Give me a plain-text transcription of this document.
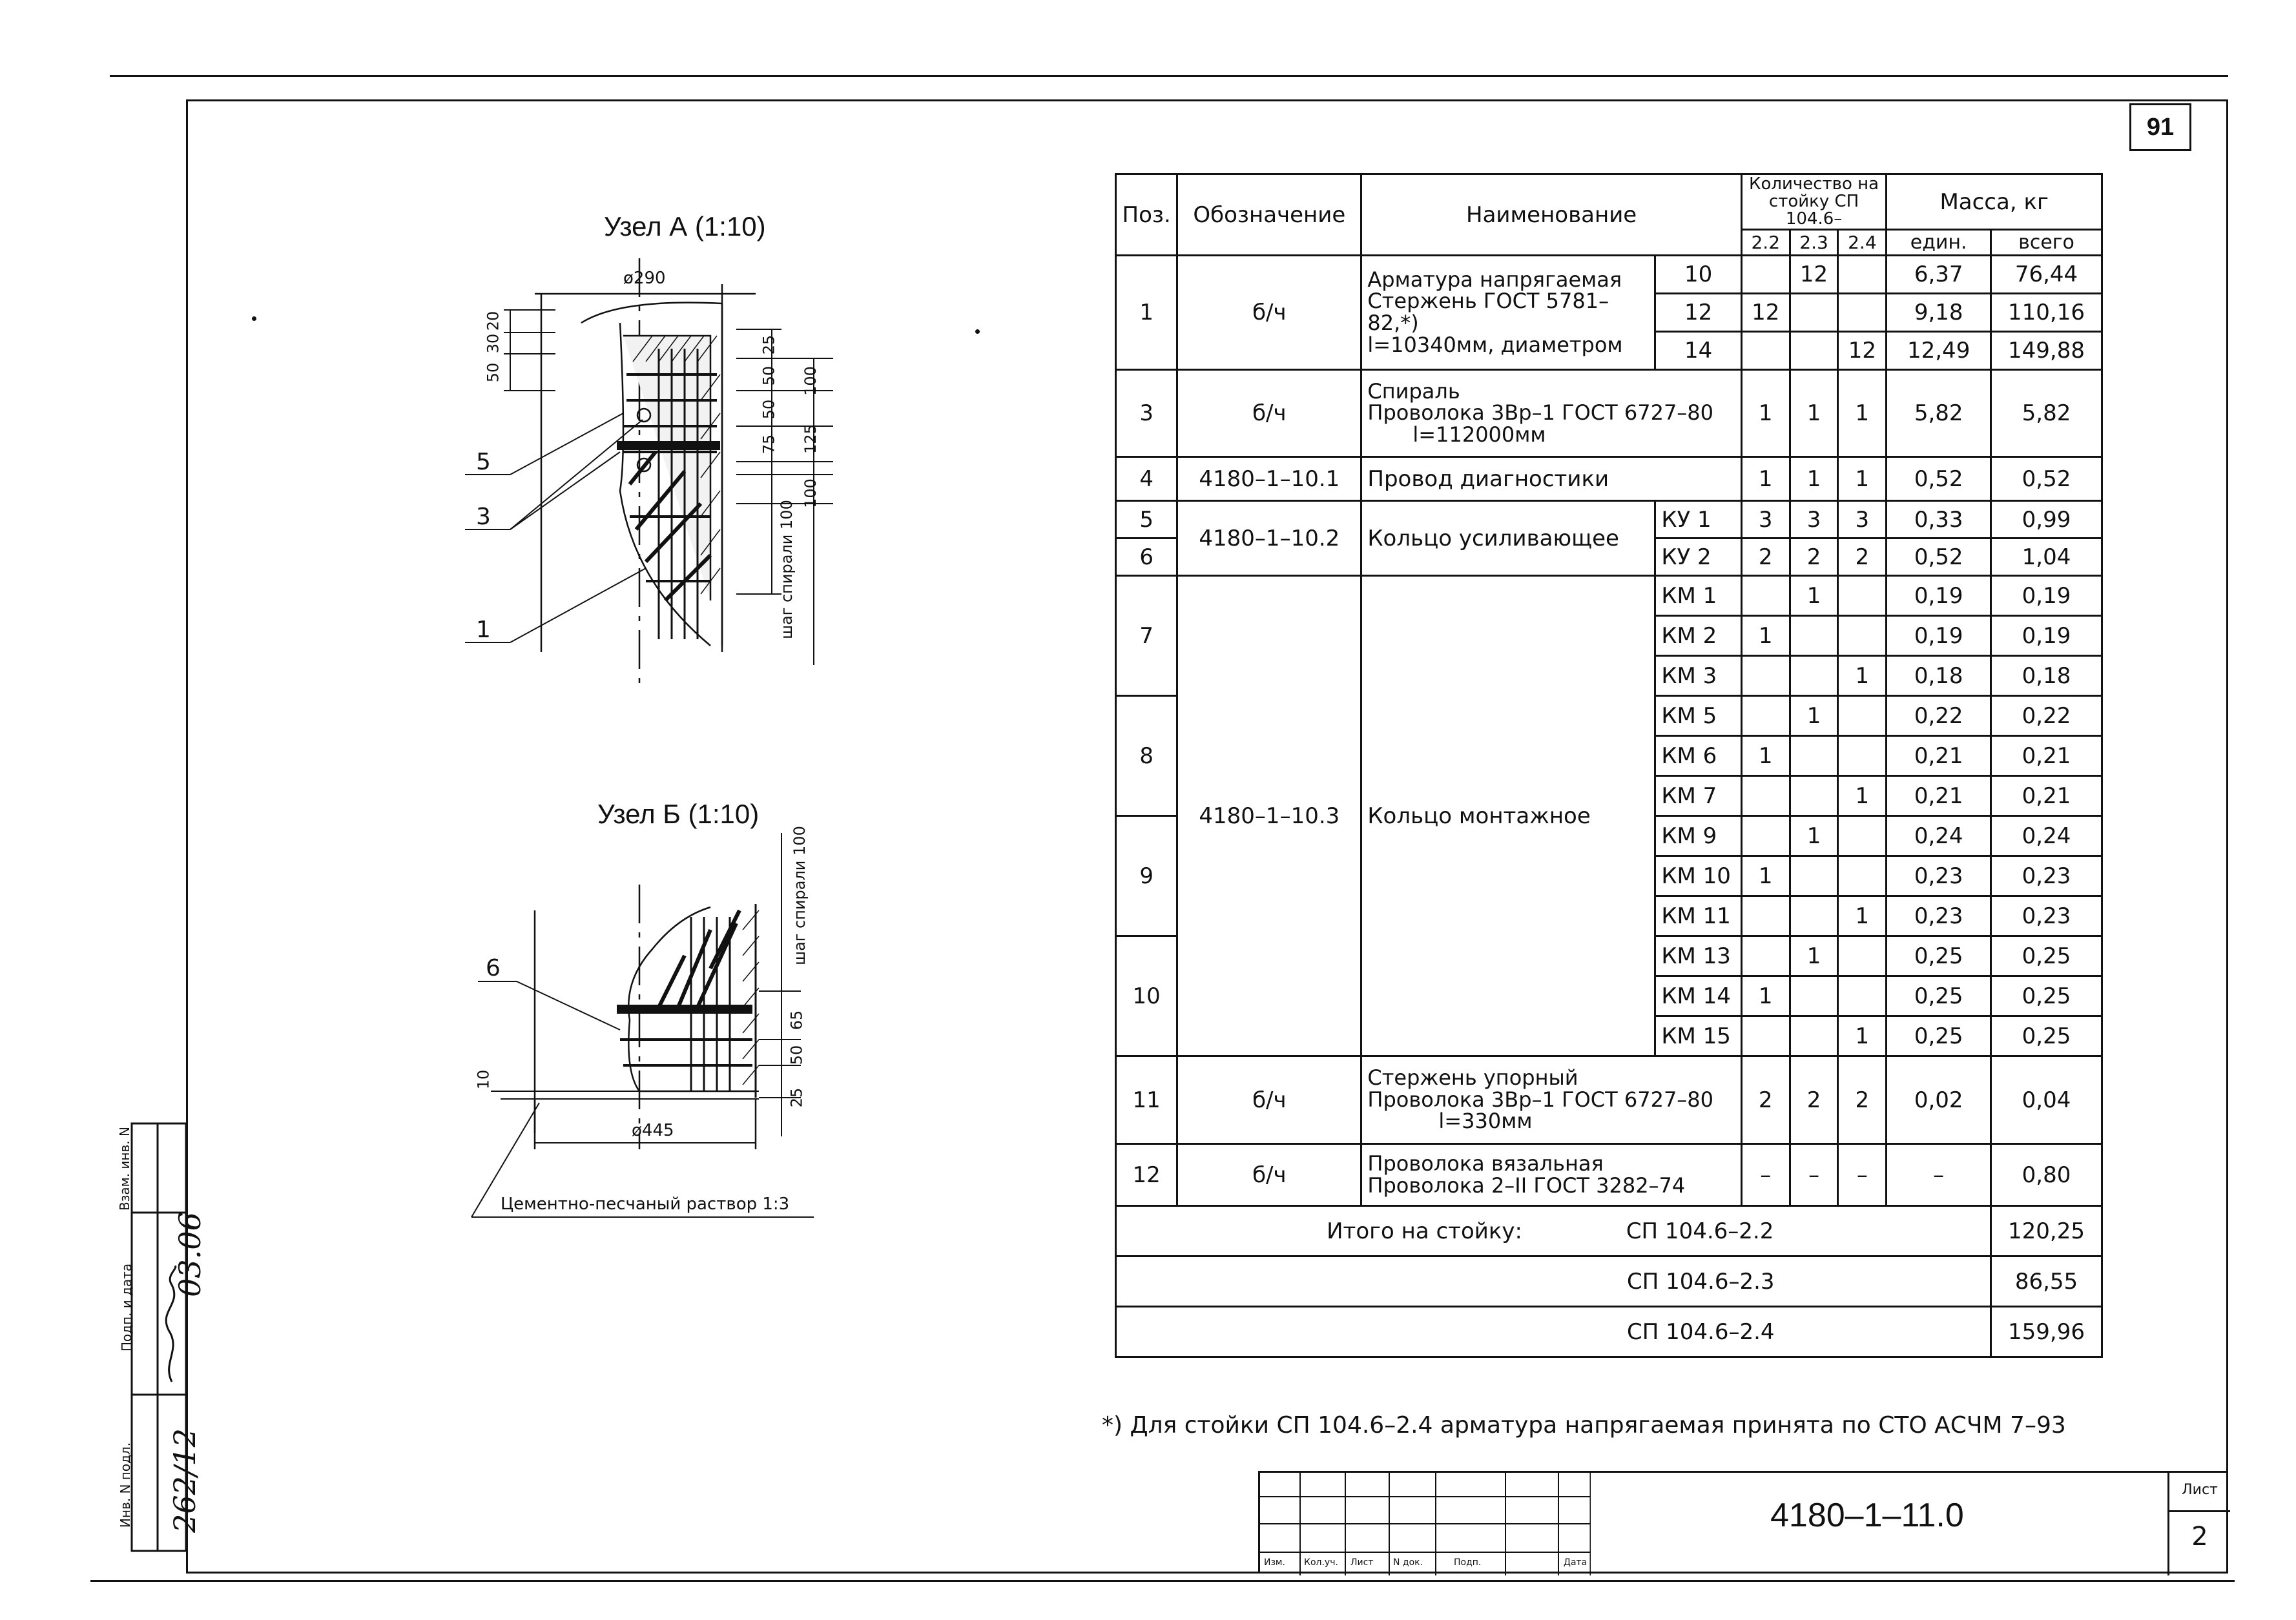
91
Узел А (1:10)
ø290
20
30
50
25
50
50
75
100
125
100
шаг спирали 100
5
3
1
Узел Б (1:10)
шаг спирали 100
65
50
25
10
6
ø445
Цементно-песчаный раствор 1:3
Поз.	Обозначение	Наименование		Количество на стойку СП 104.6–			Масса, кг	
				2.2	2.3	2.4	един.	всего
1	б/ч	Арматура напрягаемая
Стержень ГОСТ 5781–82,*)
l=10340мм, диаметром	10		12		6,37	76,44
			12	12			9,18	110,16
			14			12	12,49	149,88
3	б/ч	Спираль
Проволока 3Вр–1 ГОСТ 6727–80
l=112000мм		1	1	1	5,82	5,82
4	4180–1–10.1	Провод диагностики		1	1	1	0,52	0,52
5	4180–1–10.2	Кольцо усиливающее	КУ 1	3	3	3	0,33	0,99
6			КУ 2	2	2	2	0,52	1,04
7	4180–1–10.3	Кольцо монтажное	КМ 1		1		0,19	0,19
			КМ 2	1			0,19	0,19
			КМ 3			1	0,18	0,18
8			КМ 5		1		0,22	0,22
			КМ 6	1			0,21	0,21
			КМ 7			1	0,21	0,21
9			КМ 9		1		0,24	0,24
			КМ 10	1			0,23	0,23
			КМ 11			1	0,23	0,23
10			КМ 13		1		0,25	0,25
			КМ 14	1			0,25	0,25
			КМ 15			1	0,25	0,25
11	б/ч	Стержень упорный
Проволока 3Вр–1 ГОСТ 6727–80
l=330мм		2	2	2	0,02	0,04
12	б/ч	Проволока вязальная
Проволока 2–II ГОСТ 3282–74		–	–	–	–	0,80
Итого на стойку: СП 104.6–2.2								120,25
СП 104.6–2.3								86,55
СП 104.6–2.4								159,96
*) Для стойки СП 104.6–2.4 арматура напрягаемая принята по СТО АСЧМ 7–93
Изм. Кол.уч. Лист N док.	Подп.	Дата
4180–1–11.0
Лист
2
Инв. N подл.
Подп. и дата
Взам. инв. N
262/12
03.06
